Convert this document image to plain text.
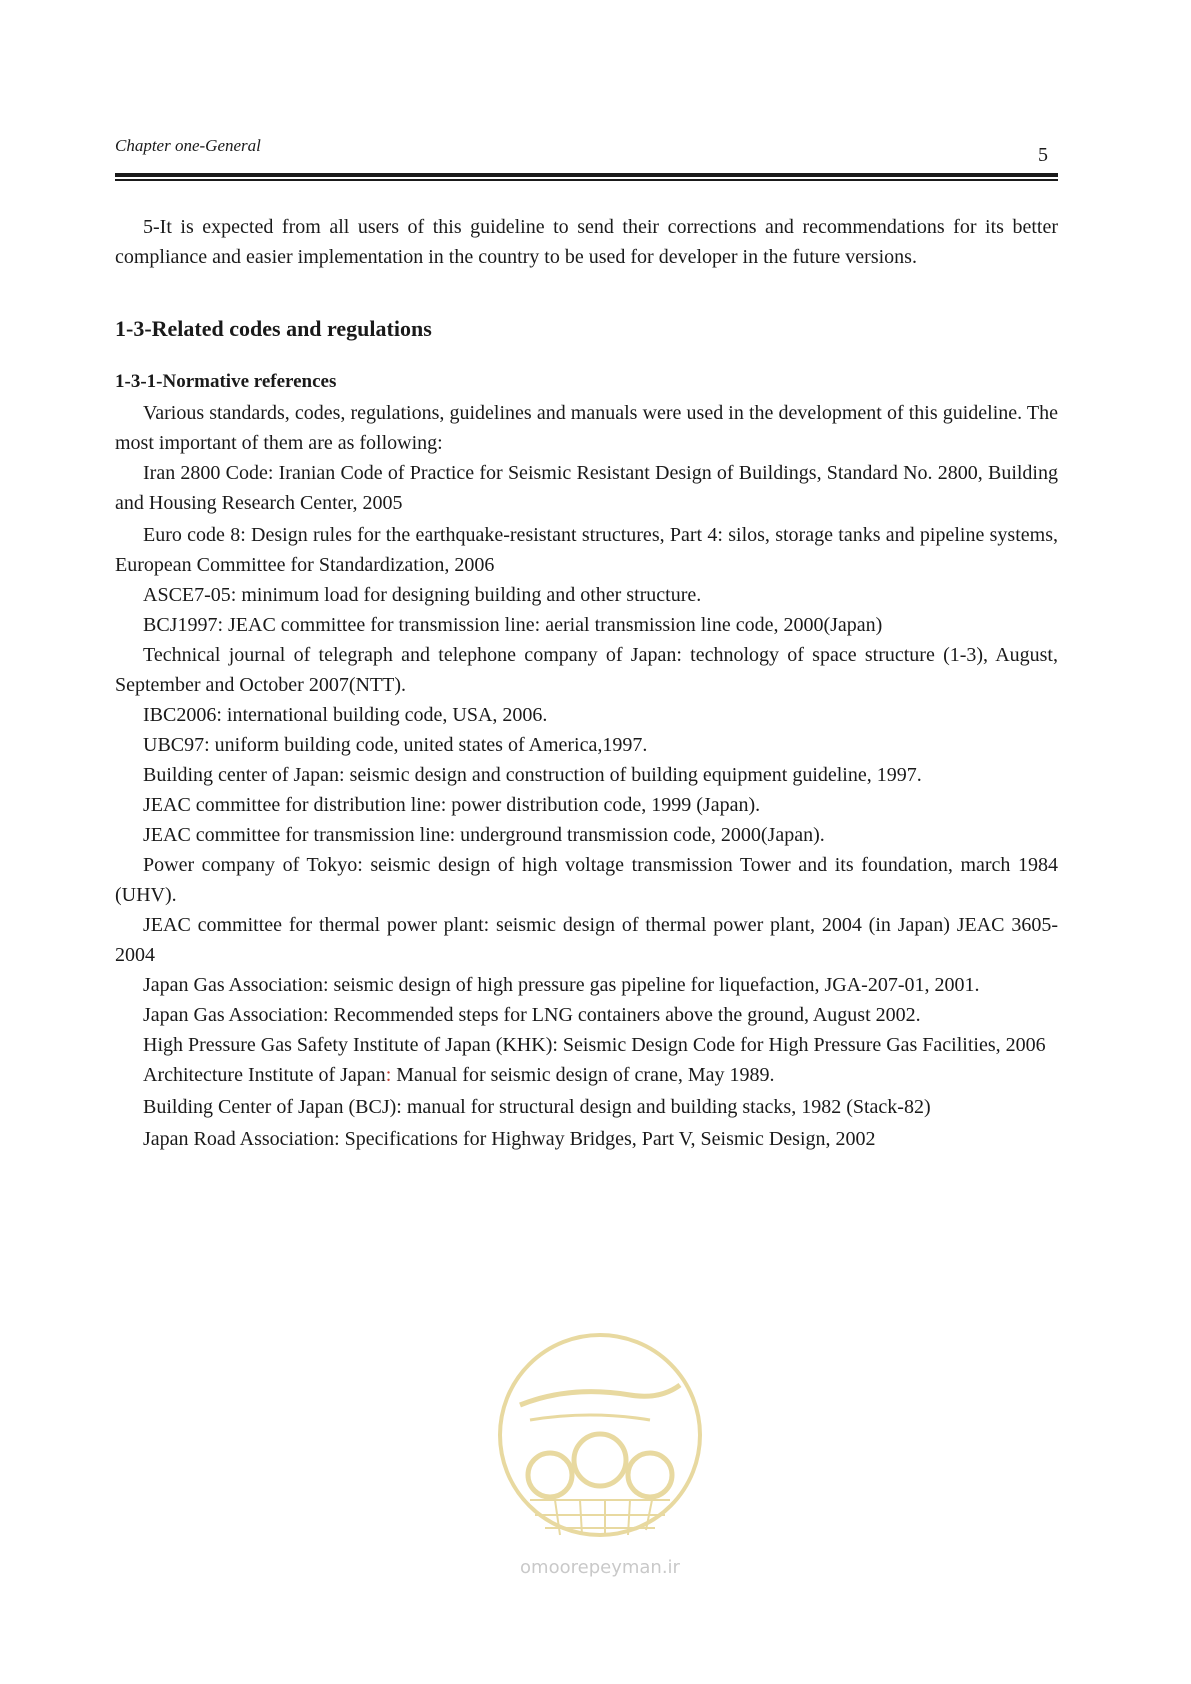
Chapter one-General	5

5-It is expected from all users of this guideline to send their corrections and recommendations for its better compliance and easier implementation in the country to be used for developer in the future versions.

1-3-Related codes and regulations
1-3-1-Normative references

Various standards, codes, regulations, guidelines and manuals were used in the development of this guideline. The most important of them are as following:

Iran 2800 Code: Iranian Code of Practice for Seismic Resistant Design of Buildings, Standard No. 2800, Building and Housing Research Center, 2005

Euro code 8: Design rules for the earthquake-resistant structures, Part 4: silos, storage tanks and pipeline systems, European Committee for Standardization, 2006

ASCE7-05: minimum load for designing building and other structure.

BCJ1997: JEAC committee for transmission line: aerial transmission line code, 2000(Japan)

Technical journal of telegraph and telephone company of Japan: technology of space structure (1-3), August, September and October 2007(NTT).

IBC2006: international building code, USA, 2006.

UBC97: uniform building code, united states of America,1997.

Building center of Japan: seismic design and construction of building equipment guideline, 1997.

JEAC committee for distribution line: power distribution code, 1999 (Japan).

JEAC committee for transmission line: underground transmission code, 2000(Japan).

Power company of Tokyo: seismic design of high voltage transmission Tower and its foundation, march 1984 (UHV).

JEAC committee for thermal power plant: seismic design of thermal power plant, 2004 (in Japan) JEAC 3605-2004

Japan Gas Association: seismic design of high pressure gas pipeline for liquefaction, JGA-207-01, 2001.

Japan Gas Association: Recommended steps for LNG containers above the ground, August 2002.

High Pressure Gas Safety Institute of Japan (KHK): Seismic Design Code for High Pressure Gas Facilities, 2006

Architecture Institute of Japan: Manual for seismic design of crane, May 1989.

Building Center of Japan (BCJ): manual for structural design and building stacks, 1982 (Stack-82)

Japan Road Association: Specifications for Highway Bridges, Part V, Seismic Design, 2002

omoorepeyman.ir
